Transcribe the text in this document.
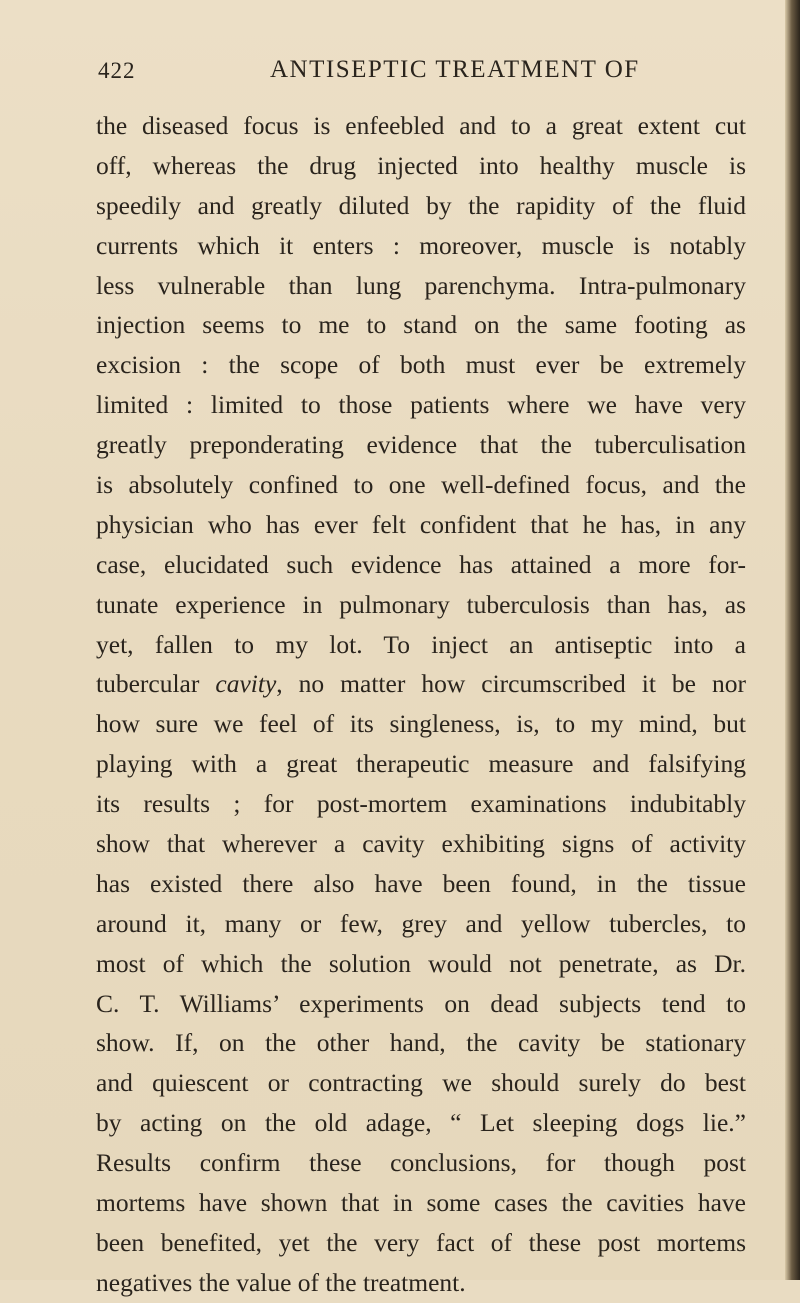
422	ANTISEPTIC TREATMENT OF
the diseased focus is enfeebled and to a great extent cut
off, whereas the drug injected into healthy muscle is
speedily and greatly diluted by the rapidity of the fluid
currents which it enters : moreover, muscle is notably
less vulnerable than lung parenchyma. Intra-pulmonary
injection seems to me to stand on the same footing as
excision : the scope of both must ever be extremely
limited : limited to those patients where we have very
greatly preponderating evidence that the tuberculisation
is absolutely confined to one well-defined focus, and the
physician who has ever felt confident that he has, in any
case, elucidated such evidence has attained a more for-
tunate experience in pulmonary tuberculosis than has, as
yet, fallen to my lot. To inject an antiseptic into a
tubercular cavity, no matter how circumscribed it be nor
how sure we feel of its singleness, is, to my mind, but
playing with a great therapeutic measure and falsifying
its results ; for post-mortem examinations indubitably
show that wherever a cavity exhibiting signs of activity
has existed there also have been found, in the tissue
around it, many or few, grey and yellow tubercles, to
most of which the solution would not penetrate, as Dr.
C. T. Williams’ experiments on dead subjects tend to
show. If, on the other hand, the cavity be stationary
and quiescent or contracting we should surely do best
by acting on the old adage, “ Let sleeping dogs lie.”
Results confirm these conclusions, for though post
mortems have shown that in some cases the cavities have
been benefited, yet the very fact of these post mortems
negatives the value of the treatment.
